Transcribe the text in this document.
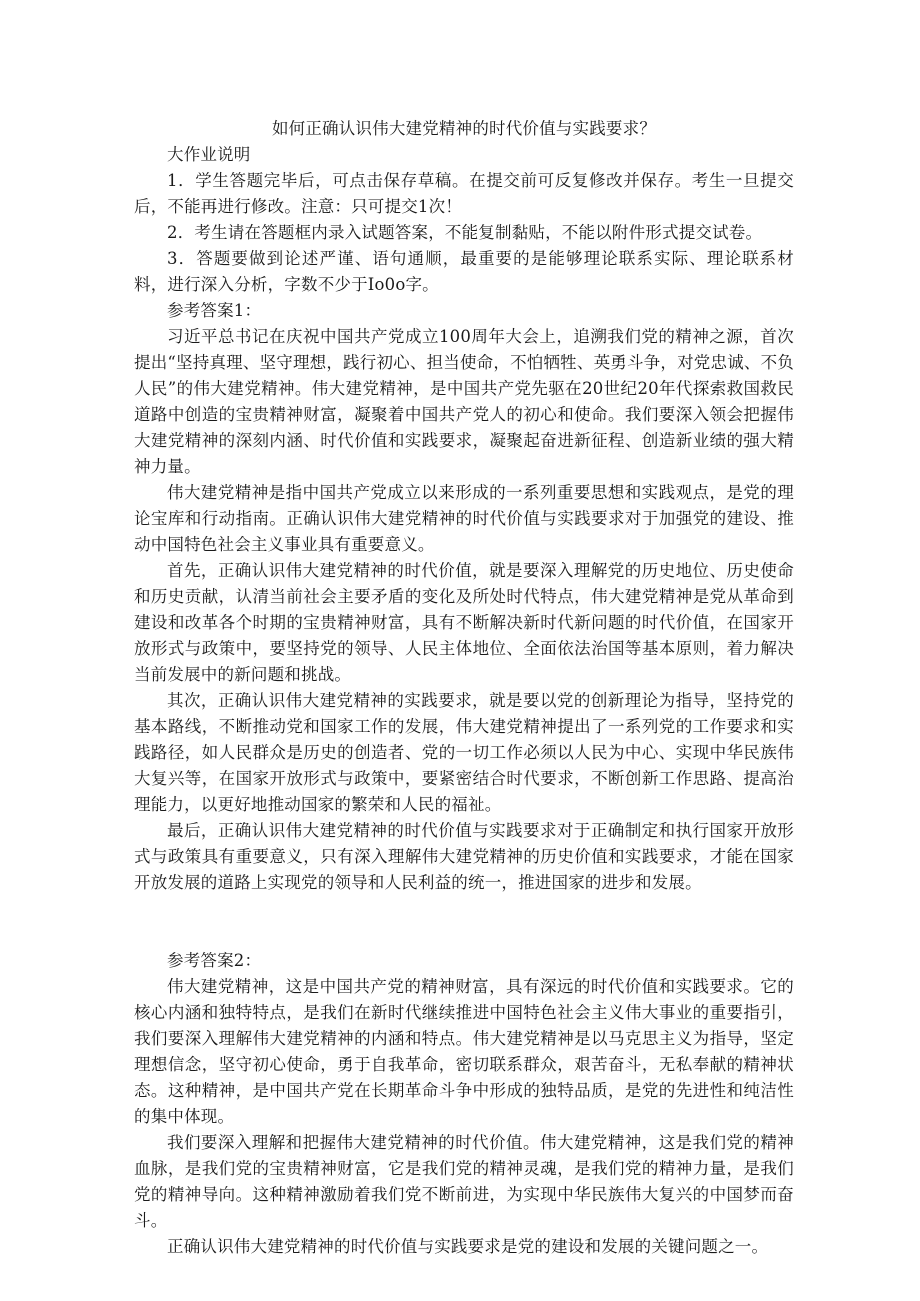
如何正确认识伟大建党精神的时代价值与实践要求？

大作业说明

1．学生答题完毕后，可点击保存草稿。在提交前可反复修改并保存。考生一旦提交后，不能再进行修改。注意：只可提交1次！

2．考生请在答题框内录入试题答案，不能复制黏贴，不能以附件形式提交试卷。

3．答题要做到论述严谨、语句通顺，最重要的是能够理论联系实际、理论联系材料，进行深入分析，字数不少于Io0o字。

参考答案1：

习近平总书记在庆祝中国共产党成立100周年大会上，追溯我们党的精神之源，首次提出“坚持真理、坚守理想，践行初心、担当使命，不怕牺牲、英勇斗争，对党忠诚、不负人民”的伟大建党精神。伟大建党精神，是中国共产党先驱在20世纪20年代探索救国救民道路中创造的宝贵精神财富，凝聚着中国共产党人的初心和使命。我们要深入领会把握伟大建党精神的深刻内涵、时代价值和实践要求，凝聚起奋进新征程、创造新业绩的强大精神力量。

伟大建党精神是指中国共产党成立以来形成的一系列重要思想和实践观点，是党的理论宝库和行动指南。正确认识伟大建党精神的时代价值与实践要求对于加强党的建设、推动中国特色社会主义事业具有重要意义。

首先，正确认识伟大建党精神的时代价值，就是要深入理解党的历史地位、历史使命和历史贡献，认清当前社会主要矛盾的变化及所处时代特点，伟大建党精神是党从革命到建设和改革各个时期的宝贵精神财富，具有不断解决新时代新问题的时代价值，在国家开放形式与政策中，要坚持党的领导、人民主体地位、全面依法治国等基本原则，着力解决当前发展中的新问题和挑战。

其次，正确认识伟大建党精神的实践要求，就是要以党的创新理论为指导，坚持党的基本路线，不断推动党和国家工作的发展，伟大建党精神提出了一系列党的工作要求和实践路径，如人民群众是历史的创造者、党的一切工作必须以人民为中心、实现中华民族伟大复兴等，在国家开放形式与政策中，要紧密结合时代要求，不断创新工作思路、提高治理能力，以更好地推动国家的繁荣和人民的福祉。

最后，正确认识伟大建党精神的时代价值与实践要求对于正确制定和执行国家开放形式与政策具有重要意义，只有深入理解伟大建党精神的历史价值和实践要求，才能在国家开放发展的道路上实现党的领导和人民利益的统一，推进国家的进步和发展。

参考答案2：

伟大建党精神，这是中国共产党的精神财富，具有深远的时代价值和实践要求。它的核心内涵和独特特点，是我们在新时代继续推进中国特色社会主义伟大事业的重要指引，我们要深入理解伟大建党精神的内涵和特点。伟大建党精神是以马克思主义为指导，坚定理想信念，坚守初心使命，勇于自我革命，密切联系群众，艰苦奋斗，无私奉献的精神状态。这种精神，是中国共产党在长期革命斗争中形成的独特品质，是党的先进性和纯洁性的集中体现。

我们要深入理解和把握伟大建党精神的时代价值。伟大建党精神，这是我们党的精神血脉，是我们党的宝贵精神财富，它是我们党的精神灵魂，是我们党的精神力量，是我们党的精神导向。这种精神激励着我们党不断前进，为实现中华民族伟大复兴的中国梦而奋斗。

正确认识伟大建党精神的时代价值与实践要求是党的建设和发展的关键问题之一。
